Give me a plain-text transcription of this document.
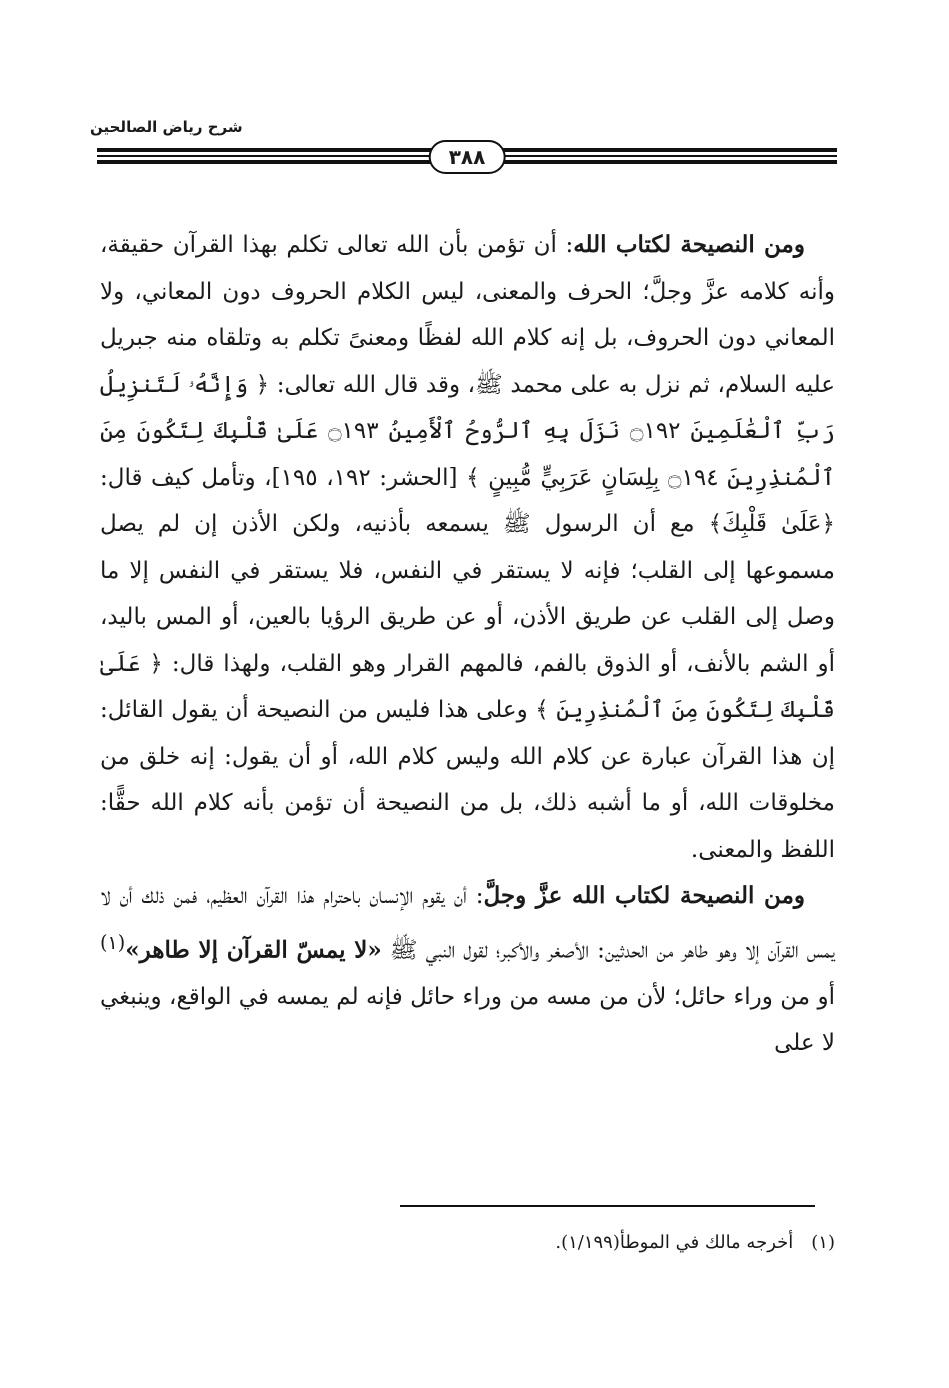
شرح رياض الصالحين
٣٨٨

ومن النصيحة لكتاب الله: أن تؤمن بأن الله تعالى تكلم بهذا القرآن حقيقة، وأنه كلامه عزَّ وجلَّ؛ الحرف والمعنى، ليس الكلام الحروف دون المعاني، ولا المعاني دون الحروف، بل إنه كلام الله لفظًا ومعنىً تكلم به وتلقاه منه جبريل عليه السلام، ثم نزل به على محمد ﷺ، وقد قال الله تعالى: ﴿ وَإِنَّهُۥ لَتَنزِيلُ رَبِّ ٱلْعَٰلَمِينَ ۝١٩٢ نَزَلَ بِهِ ٱلرُّوحُ ٱلْأَمِينُ ۝١٩٣ عَلَىٰ قَلْبِكَ لِتَكُونَ مِنَ ٱلْمُنذِرِينَ ۝١٩٤ بِلِسَانٍ عَرَبِيٍّ مُّبِينٍ ﴾ [الحشر: ١٩٢، ١٩٥]، وتأمل كيف قال: ﴿عَلَىٰ قَلْبِكَ﴾ مع أن الرسول ﷺ يسمعه بأذنيه، ولكن الأذن إن لم يصل مسموعها إلى القلب؛ فإنه لا يستقر في النفس، فلا يستقر في النفس إلا ما وصل إلى القلب عن طريق الأذن، أو عن طريق الرؤيا بالعين، أو المس باليد، أو الشم بالأنف، أو الذوق بالفم، فالمهم القرار وهو القلب، ولهذا قال: ﴿ عَلَىٰ قَلْبِكَ لِتَكُونَ مِنَ ٱلْمُنذِرِينَ ﴾ وعلى هذا فليس من النصيحة أن يقول القائل: إن هذا القرآن عبارة عن كلام الله وليس كلام الله، أو أن يقول: إنه خلق من مخلوقات الله، أو ما أشبه ذلك، بل من النصيحة أن تؤمن بأنه كلام الله حقًّا: اللفظ والمعنى.

ومن النصيحة لكتاب الله عزَّ وجلَّ: أن يقوم الإنسان باحترام هذا القرآن العظيم، فمن ذلك أن لا يمس القرآن إلا وهو طاهر من الحدثين: الأصغر والأكبر؛ لقول النبي ﷺ «لا يمسّ القرآن إلا طاهر»$^{(١)}$ أو من وراء حائل؛ لأن من مسه من وراء حائل فإنه لم يمسه في الواقع، وينبغي لا على

(١)أخرجه مالك في الموطأ(١/١٩٩).
